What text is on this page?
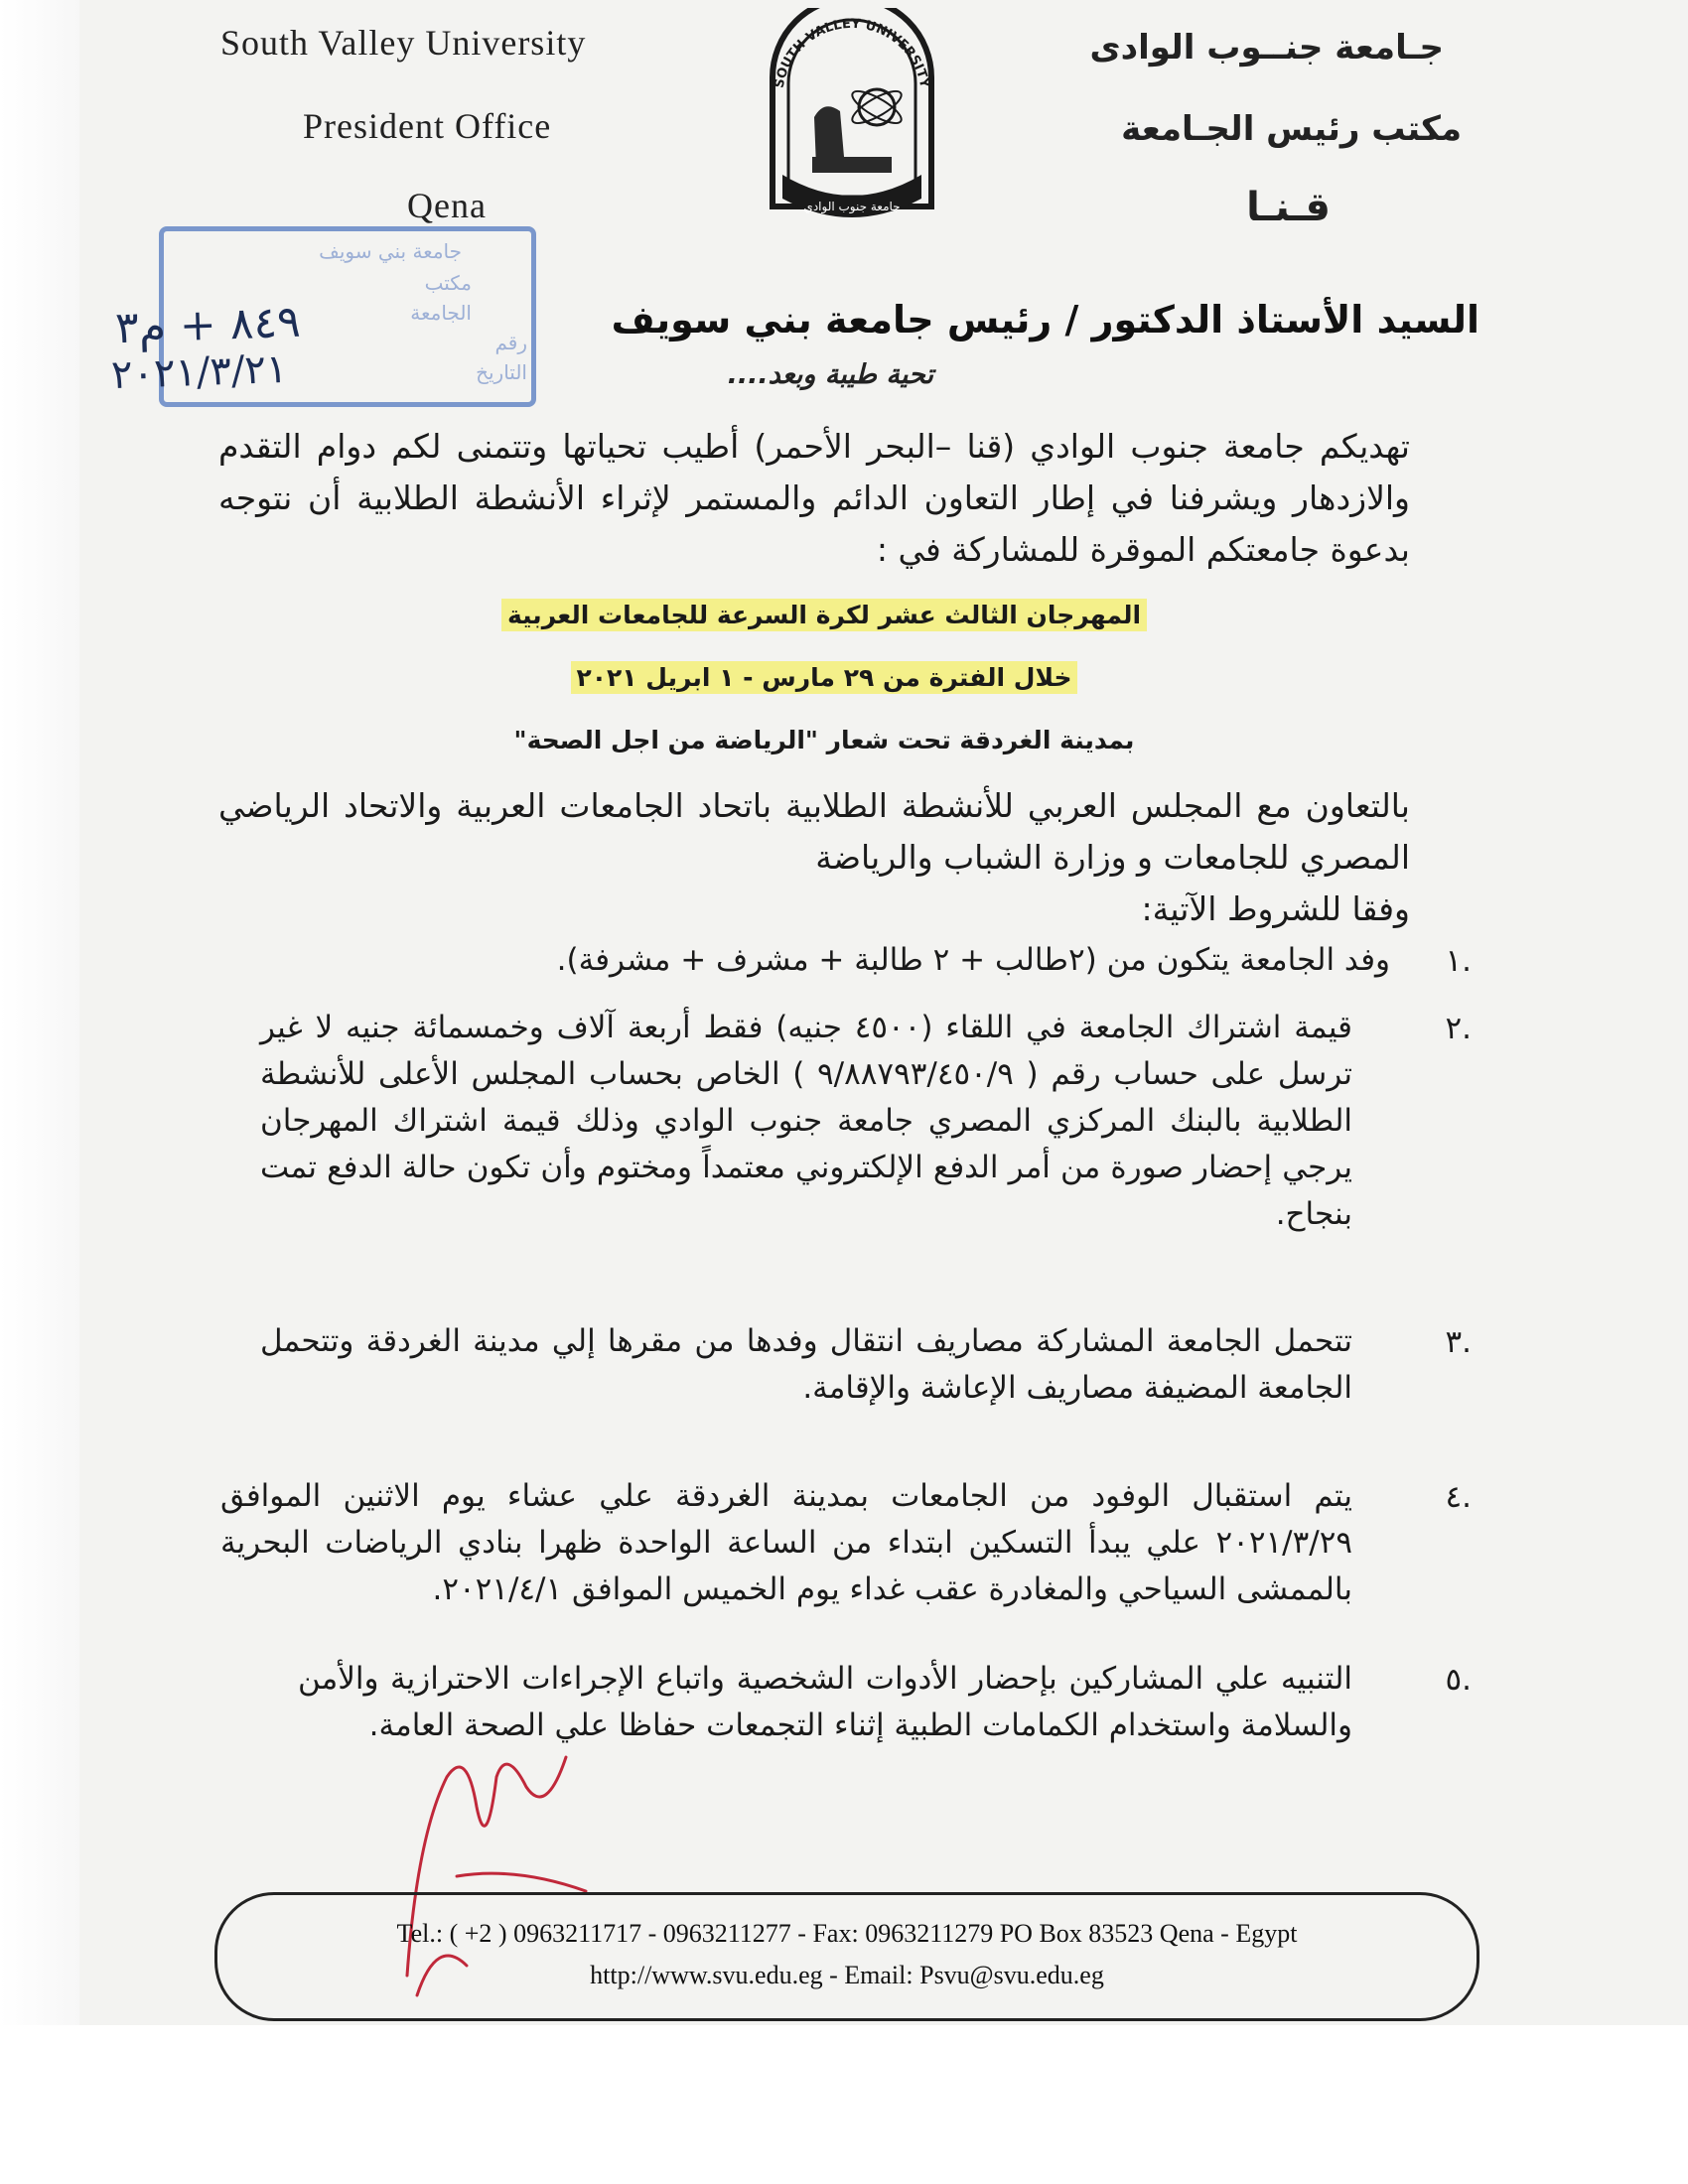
South Valley University
President Office
Qena
جـامعة جنــوب الوادى
مكتب رئيس الجـامعة
قـنـا
SOUTH VALLEY UNIVERSITY
جامعة جنوب الوادي
جامعة بني سويف
مكتب
الجامعة
رقم
التاريخ
٨٤٩ + م٣
٢٠٢١/٣/٢١
السيد الأستاذ الدكتور / رئيس جامعة بني سويف
تحية طيبة وبعد....
تهديكم جامعة جنوب الوادي (قنا –البحر الأحمر) أطيب تحياتها وتتمنى لكم دوام التقدم والازدهار ويشرفنا في إطار التعاون الدائم والمستمر لإثراء الأنشطة الطلابية أن نتوجه بدعوة جامعتكم الموقرة للمشاركة في :
المهرجان الثالث عشر لكرة السرعة للجامعات العربية
خلال الفترة من ٢٩ مارس - ١ ابريل ٢٠٢١
بمدينة الغردقة تحت شعار "الرياضة من اجل الصحة"
بالتعاون مع المجلس العربي للأنشطة الطلابية باتحاد الجامعات العربية والاتحاد الرياضي المصري للجامعات و وزارة الشباب والرياضة
وفقا للشروط الآتية:
.١
وفد الجامعة يتكون من (٢طالب + ٢ طالبة + مشرف + مشرفة).
.٢
قيمة اشتراك الجامعة في اللقاء (٤٥٠٠ جنيه) فقط أربعة آلاف وخمسمائة جنيه لا غير ترسل على حساب رقم ( ٩/٨٨٧٩٣/٤٥٠/٩ ) الخاص بحساب المجلس الأعلى للأنشطة الطلابية بالبنك المركزي المصري جامعة جنوب الوادي وذلك قيمة اشتراك المهرجان يرجي إحضار صورة من أمر الدفع الإلكتروني معتمداً ومختوم وأن تكون حالة الدفع تمت بنجاح.
.٣
تتحمل الجامعة المشاركة مصاريف انتقال وفدها من مقرها إلي مدينة الغردقة وتتحمل الجامعة المضيفة مصاريف الإعاشة والإقامة.
.٤
يتم استقبال الوفود من الجامعات بمدينة الغردقة علي عشاء يوم الاثنين الموافق ٢٠٢١/٣/٢٩ علي يبدأ التسكين ابتداء من الساعة الواحدة ظهرا بنادي الرياضات البحرية بالممشى السياحي والمغادرة عقب غداء يوم الخميس الموافق ٢٠٢١/٤/١.
.٥
التنبيه علي المشاركين بإحضار الأدوات الشخصية واتباع الإجراءات الاحترازية والأمن والسلامة واستخدام الكمامات الطبية إثناء التجمعات حفاظا علي الصحة العامة.
Tel.: ( +2 ) 0963211717 - 0963211277 - Fax: 0963211279 PO Box 83523 Qena - Egypt
http://www.svu.edu.eg - Email: Psvu@svu.edu.eg
